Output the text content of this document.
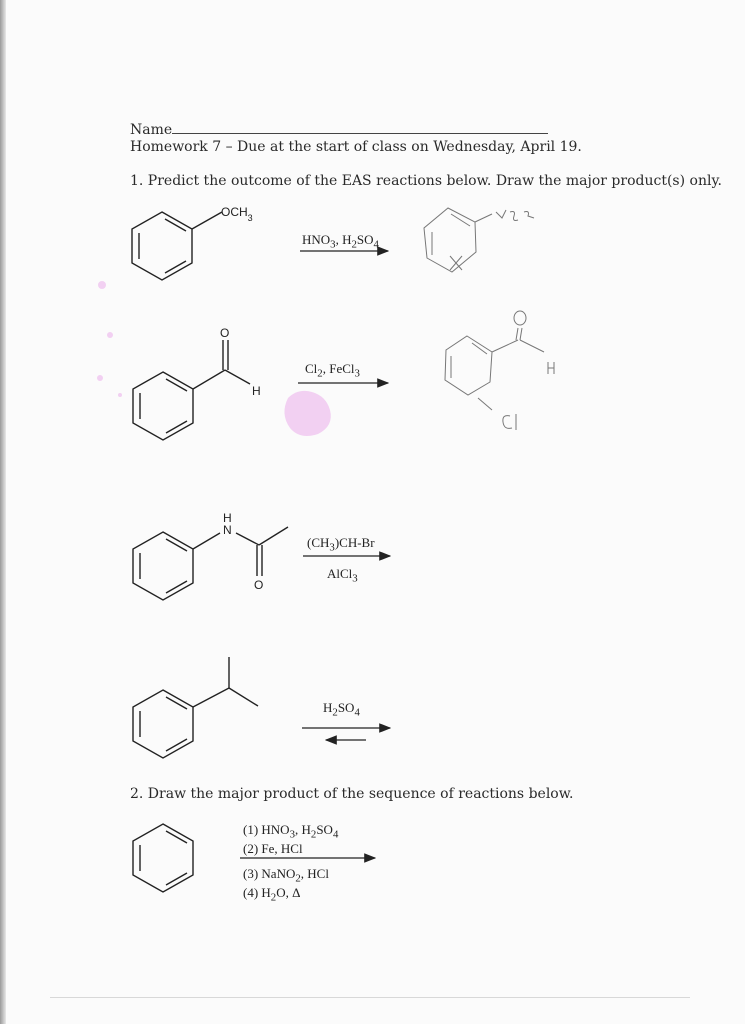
Name
Homework 7 – Due at the start of class on Wednesday, April 19.
1. Predict the outcome of the EAS reactions below. Draw the major product(s) only.
$HNO_3$, $H_2SO_4$
$Cl_2$, FeCl$_3$
$(CH_3)CH-Br$
AlCl$_3$
$H_2SO_4$
2. Draw the major product of the sequence of reactions below.
(1) $HNO_3$, $H_2SO_4$
(2) Fe, HCl
(3) NaNO$_2$, HCl
(4) $H_2O$, Δ
$OCH_3$
O
H
H
N
O
